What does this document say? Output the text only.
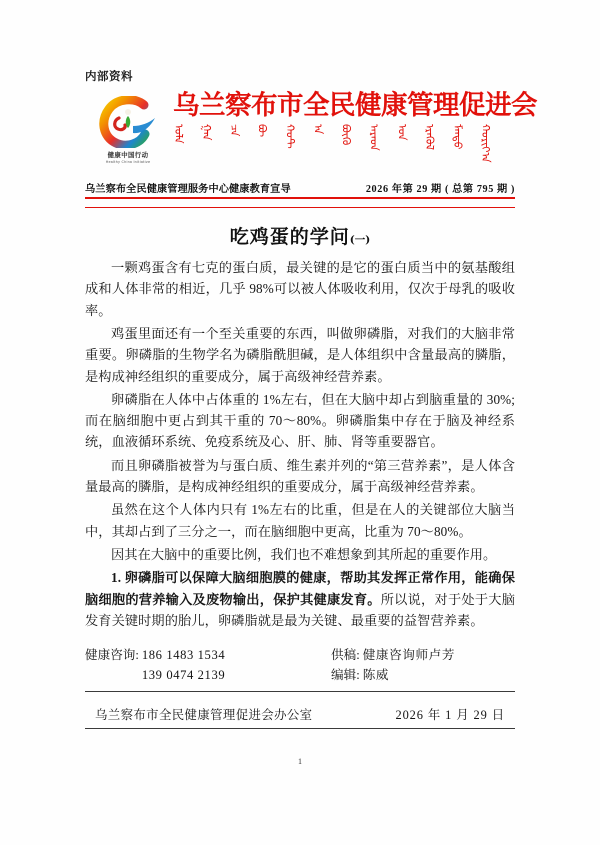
内部资料
健康中国行动
Healthy China Initiative
乌兰察布市全民健康管理促进会
ᠤᠯᠠ ᠭᠠᠨ ᠴᠠ ᠪᠦ ᠬᠣᠲ ᠠ ᠪᠦᠬᠦ ᠠᠷᠠᠳ ᠤᠨ ᠡᠷᠡᠭᠦᠯ ᠮᠡᠨᠳᠦ ᠬᠣᠷᠢᠶ᠎ᠠ
乌兰察布全民健康管理服务中心健康教育宣导	2026 年第 29 期 ( 总第 795 期 )
吃鸡蛋的学问(一)

一颗鸡蛋含有七克的蛋白质，最关键的是它的蛋白质当中的氨基酸组成和人体非常的相近，几乎 98%可以被人体吸收利用，仅次于母乳的吸收率。

鸡蛋里面还有一个至关重要的东西，叫做卵磷脂，对我们的大脑非常重要。卵磷脂的生物学名为磷脂酰胆碱，是人体组织中含量最高的膦脂，是构成神经组织的重要成分，属于高级神经营养素。

卵磷脂在人体中占体重的 1%左右，但在大脑中却占到脑重量的 30%; 而在脑细胞中更占到其干重的 70～80%。卵磷脂集中存在于脑及神经系统，血液循环系统、免疫系统及心、肝、肺、肾等重要器官。

而且卵磷脂被誉为与蛋白质、维生素并列的“第三营养素”，是人体含量最高的膦脂，是构成神经组织的重要成分，属于高级神经营养素。

虽然在这个人体内只有 1%左右的比重，但是在人的关键部位大脑当中，其却占到了三分之一，而在脑细胞中更高，比重为 70～80%。

因其在大脑中的重要比例，我们也不难想象到其所起的重要作用。

1. 卵磷脂可以保障大脑细胞膜的健康，帮助其发挥正常作用，能确保脑细胞的营养输入及废物输出，保护其健康发育。所以说，对于处于大脑发育关键时期的胎儿，卵磷脂就是最为关键、最重要的益智营养素。

健康咨询: 186 1483 1534
139 0474 2139
供稿: 健康咨询师卢芳
编辑: 陈威
乌兰察布市全民健康管理促进会办公室	2026 年 1 月 29 日
1
